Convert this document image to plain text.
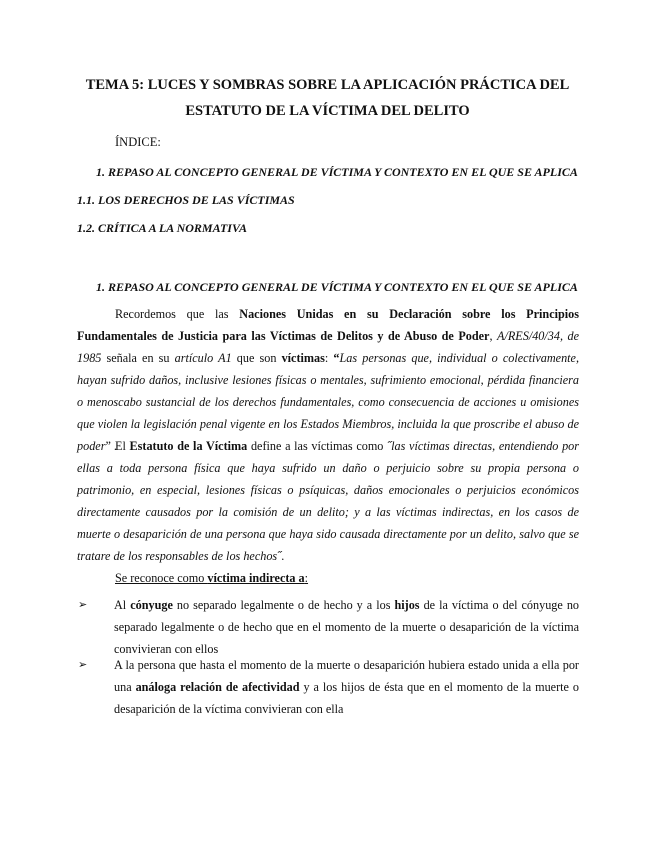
TEMA 5: LUCES Y SOMBRAS SOBRE LA APLICACIÓN PRÁCTICA DEL
ESTATUTO DE LA VÍCTIMA DEL DELITO
ÍNDICE:
1. REPASO AL CONCEPTO GENERAL DE VÍCTIMA Y CONTEXTO EN EL QUE SE APLICA
1.1. LOS DERECHOS DE LAS VÍCTIMAS
1.2. CRÍTICA A LA NORMATIVA
1. REPASO AL CONCEPTO GENERAL DE VÍCTIMA Y CONTEXTO EN EL QUE SE APLICA
Recordemos que las Naciones Unidas en su Declaración sobre los Principios Fundamentales de Justicia para las Víctimas de Delitos y de Abuso de Poder, A/RES/40/34, de 1985 señala en su artículo A1 que son víctimas: “Las personas que, individual o colectivamente, hayan sufrido daños, inclusive lesiones físicas o mentales, sufrimiento emocional, pérdida financiera o menoscabo sustancial de los derechos fundamentales, como consecuencia de acciones u omisiones que violen la legislación penal vigente en los Estados Miembros, incluida la que proscribe el abuso de poder” .
El Estatuto de la Víctima define a las víctimas como ˝las víctimas directas, entendiendo por ellas a toda persona física que haya sufrido un daño o perjuicio sobre su propia persona o patrimonio, en especial, lesiones físicas o psíquicas, daños emocionales o perjuicios económicos directamente causados por la comisión de un delito; y a las víctimas indirectas, en los casos de muerte o desaparición de una persona que haya sido causada directamente por un delito, salvo que se tratare de los responsables de los hechos˝.
Se reconoce como víctima indirecta a:
➢ Al cónyuge no separado legalmente o de hecho y a los hijos de la víctima o del cónyuge no separado legalmente o de hecho que en el momento de la muerte o desaparición de la víctima convivieran con ellos
➢ A la persona que hasta el momento de la muerte o desaparición hubiera estado unida a ella por una análoga relación de afectividad y a los hijos de ésta que en el momento de la muerte o desaparición de la víctima convivieran con ella
